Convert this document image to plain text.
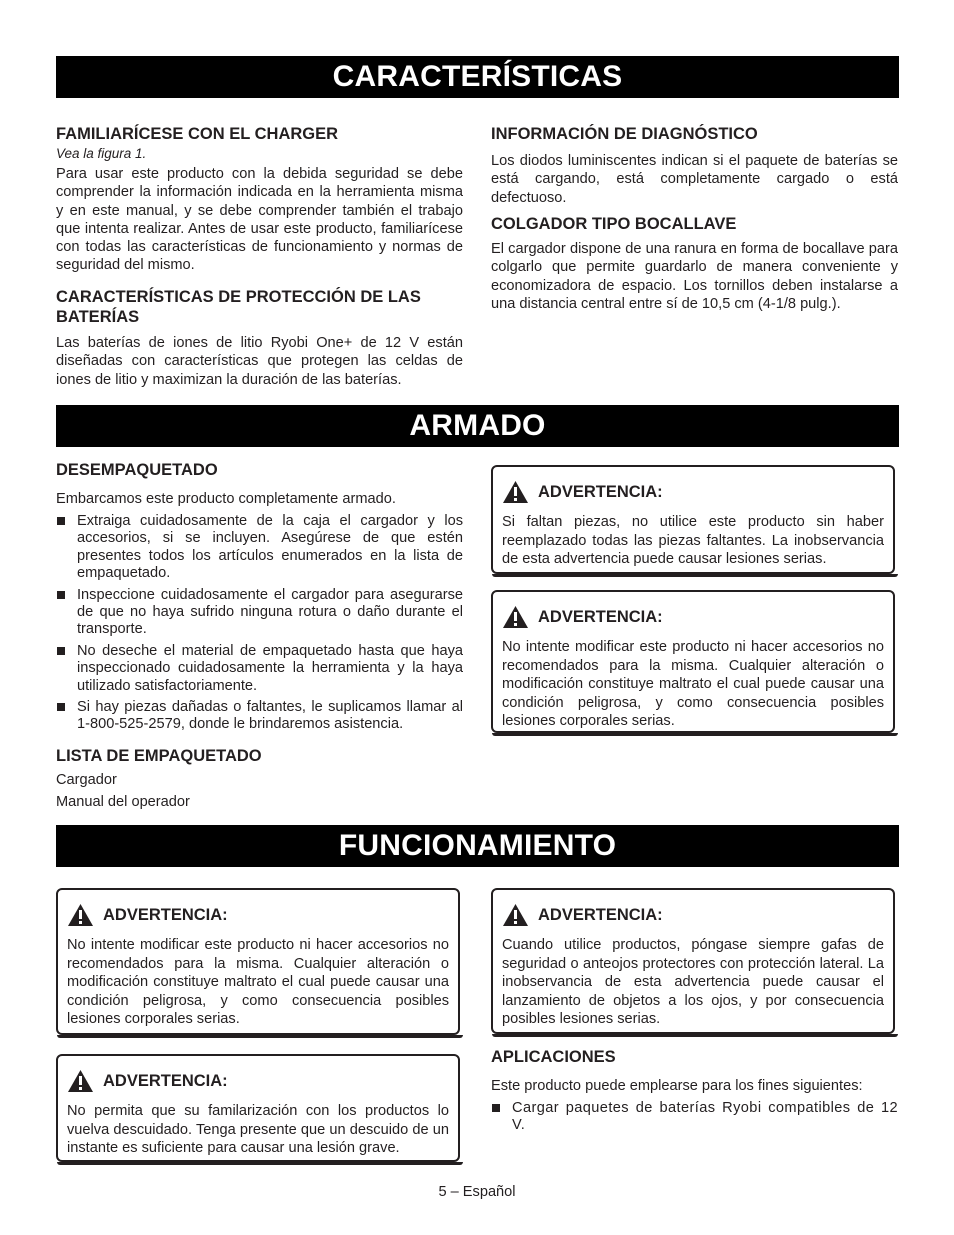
CARACTERÍSTICAS
FAMILIARÍCESE CON EL CHARGER
Vea la figura 1.
Para usar este producto con la debida seguridad se debe comprender la información indicada en la herramienta misma y en este manual, y se debe comprender también el trabajo que intenta realizar. Antes de usar este producto, familiarícese con todas las características de funcionamiento y normas de seguridad del mismo.
CARACTERÍSTICAS DE PROTECCIÓN DE LAS BATERÍAS
Las baterías de iones de litio Ryobi One+ de 12 V están diseñadas con características que protegen las celdas de iones de litio y maximizan la duración de las baterías.
INFORMACIÓN DE DIAGNÓSTICO
Los diodos luminiscentes indican si el paquete de baterías se está cargando, está completamente cargado o está defectuoso.
COLGADOR TIPO BOCALLAVE
El cargador dispone de una ranura en forma de bocallave para colgarlo que permite guardarlo de manera conveniente y economizadora de espacio. Los tornillos deben instalarse a una distancia central entre sí de 10,5 cm (4-1/8 pulg.).
ARMADO
DESEMPAQUETADO
Embarcamos este producto completamente armado.
Extraiga cuidadosamente de la caja el cargador y los accesorios, si se incluyen. Asegúrese de que estén presentes todos los artículos enumerados en la lista de empaquetado.
Inspeccione cuidadosamente el cargador para asegurarse de que no haya sufrido ninguna rotura o daño durante el transporte.
No deseche el material de empaquetado hasta que haya inspeccionado cuidadosamente la herramienta y la haya utilizado satisfactoriamente.
Si hay piezas dañadas o faltantes, le suplicamos llamar al 1-800-525-2579, donde le brindaremos asistencia.
LISTA DE EMPAQUETADO
Cargador
Manual del operador
ADVERTENCIA:
Si faltan piezas, no utilice este producto sin haber reemplazado todas las piezas faltantes. La inobservancia de esta advertencia puede causar lesiones serias.
ADVERTENCIA:
No intente modificar este producto ni hacer accesorios no recomendados para la misma. Cualquier alteración o modificación constituye maltrato el cual puede causar una condición peligrosa, y como consecuencia posibles lesiones corporales serias.
FUNCIONAMIENTO
ADVERTENCIA:
No intente modificar este producto ni hacer accesorios no recomendados para la misma. Cualquier alteración o modificación constituye maltrato el cual puede causar una condición peligrosa, y como consecuencia posibles lesiones corporales serias.
ADVERTENCIA:
No permita que su familarización con los productos lo vuelva descuidado. Tenga presente que un descuido de un instante es suficiente para causar una lesión grave.
ADVERTENCIA:
Cuando utilice productos, póngase siempre gafas de seguridad o anteojos protectores con protección lateral. La inobservancia de esta advertencia puede causar el lanzamiento de objetos a los ojos, y por consecuencia posibles lesiones serias.
APLICACIONES
Este producto puede emplearse para los fines siguientes:
Cargar paquetes de baterías Ryobi compatibles de 12 V.
5 – Español
